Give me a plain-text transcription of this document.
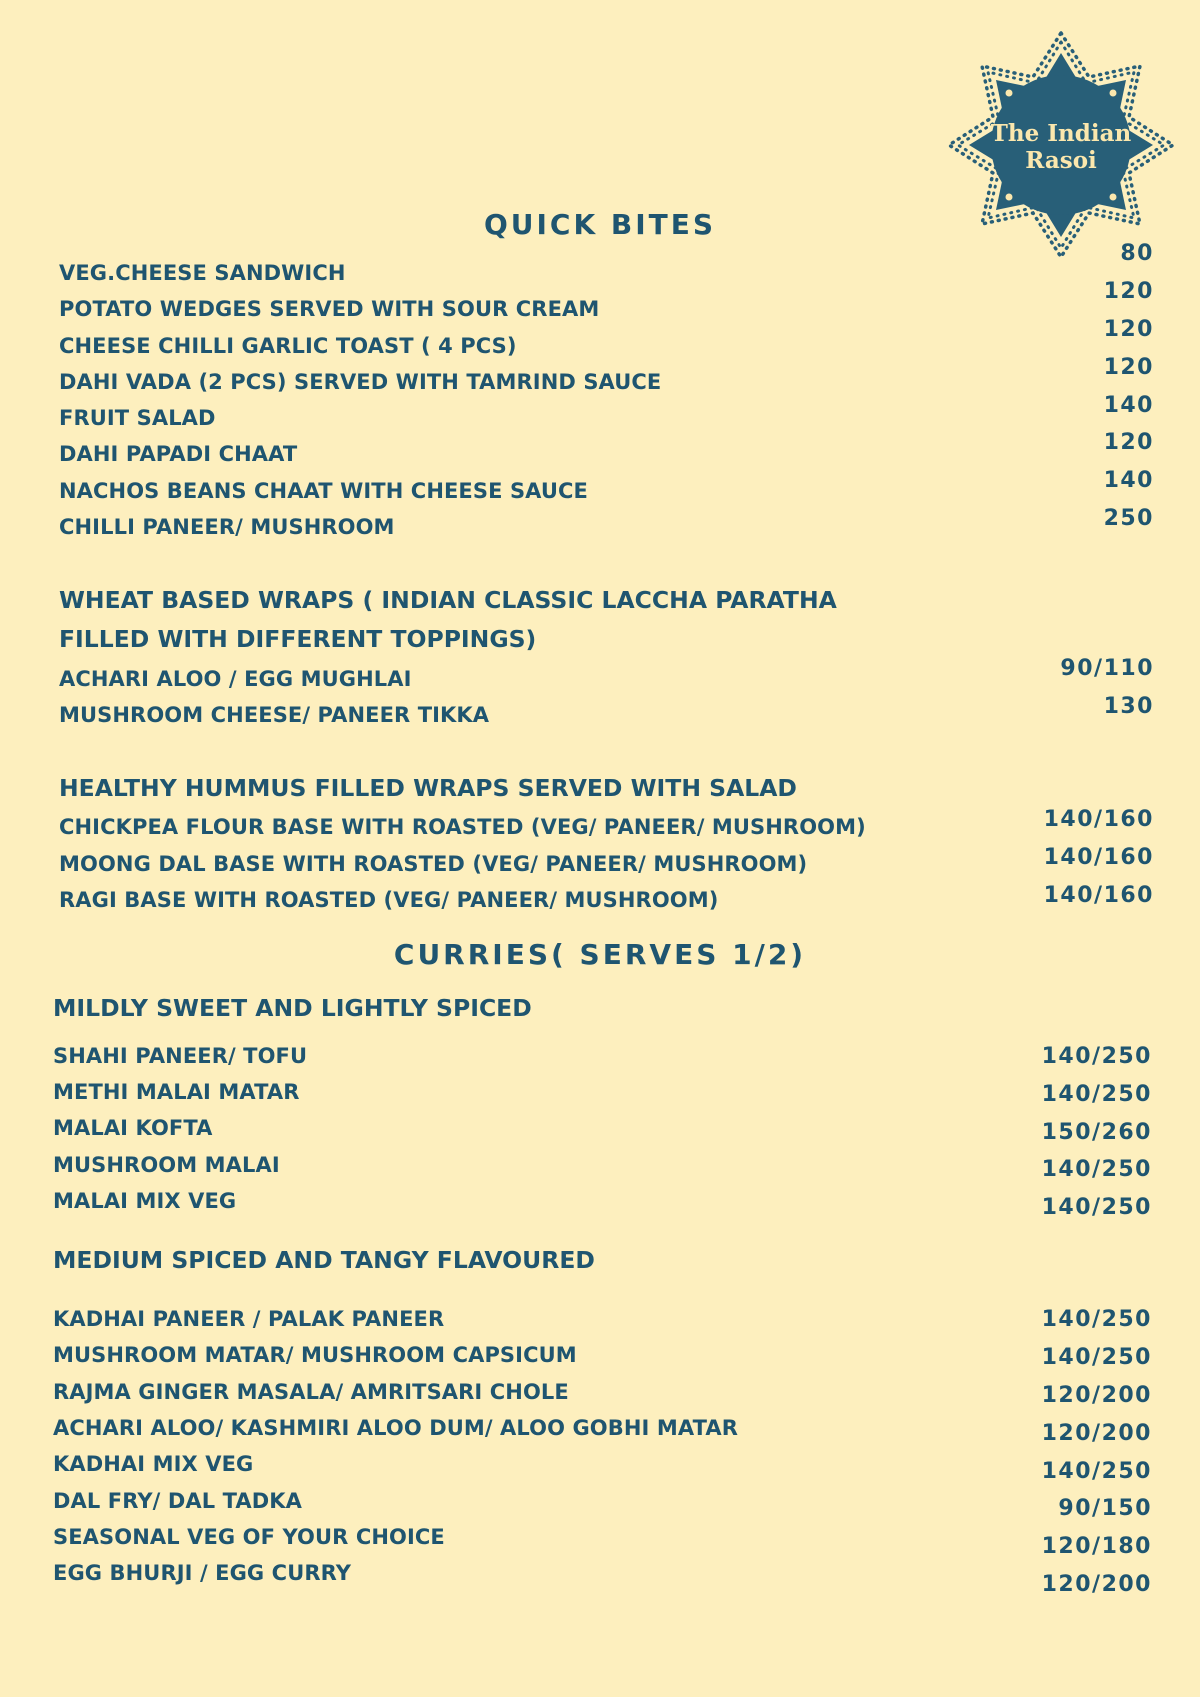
The Indian
Rasoi
QUICK BITES
VEG.CHEESE SANDWICH
POTATO WEDGES SERVED WITH SOUR CREAM
CHEESE CHILLI GARLIC TOAST ( 4 PCS)
DAHI VADA (2 PCS) SERVED WITH TAMRIND SAUCE
FRUIT SALAD
DAHI PAPADI CHAAT
NACHOS BEANS CHAAT WITH CHEESE SAUCE
CHILLI PANEER/ MUSHROOM
80
120
120
120
140
120
140
250
WHEAT BASED WRAPS ( INDIAN CLASSIC LACCHA PARATHA
FILLED WITH DIFFERENT TOPPINGS)
ACHARI ALOO / EGG MUGHLAI
MUSHROOM CHEESE/ PANEER TIKKA
90/110
130
HEALTHY HUMMUS FILLED WRAPS SERVED WITH SALAD
CHICKPEA FLOUR BASE WITH ROASTED (VEG/ PANEER/ MUSHROOM)
MOONG DAL BASE WITH ROASTED (VEG/ PANEER/ MUSHROOM)
RAGI BASE WITH ROASTED (VEG/ PANEER/ MUSHROOM)
140/160
140/160
140/160
CURRIES( SERVES 1/2)
MILDLY SWEET AND LIGHTLY SPICED
SHAHI PANEER/ TOFU
METHI MALAI MATAR
MALAI KOFTA
MUSHROOM MALAI
MALAI MIX VEG
140/250
140/250
150/260
140/250
140/250
MEDIUM SPICED AND TANGY FLAVOURED
KADHAI PANEER / PALAK PANEER
MUSHROOM MATAR/ MUSHROOM CAPSICUM
RAJMA GINGER MASALA/ AMRITSARI CHOLE
ACHARI ALOO/ KASHMIRI ALOO DUM/ ALOO GOBHI MATAR
KADHAI MIX VEG
DAL FRY/ DAL TADKA
SEASONAL VEG OF YOUR CHOICE
EGG BHURJI / EGG CURRY
140/250
140/250
120/200
120/200
140/250
90/150
120/180
120/200
